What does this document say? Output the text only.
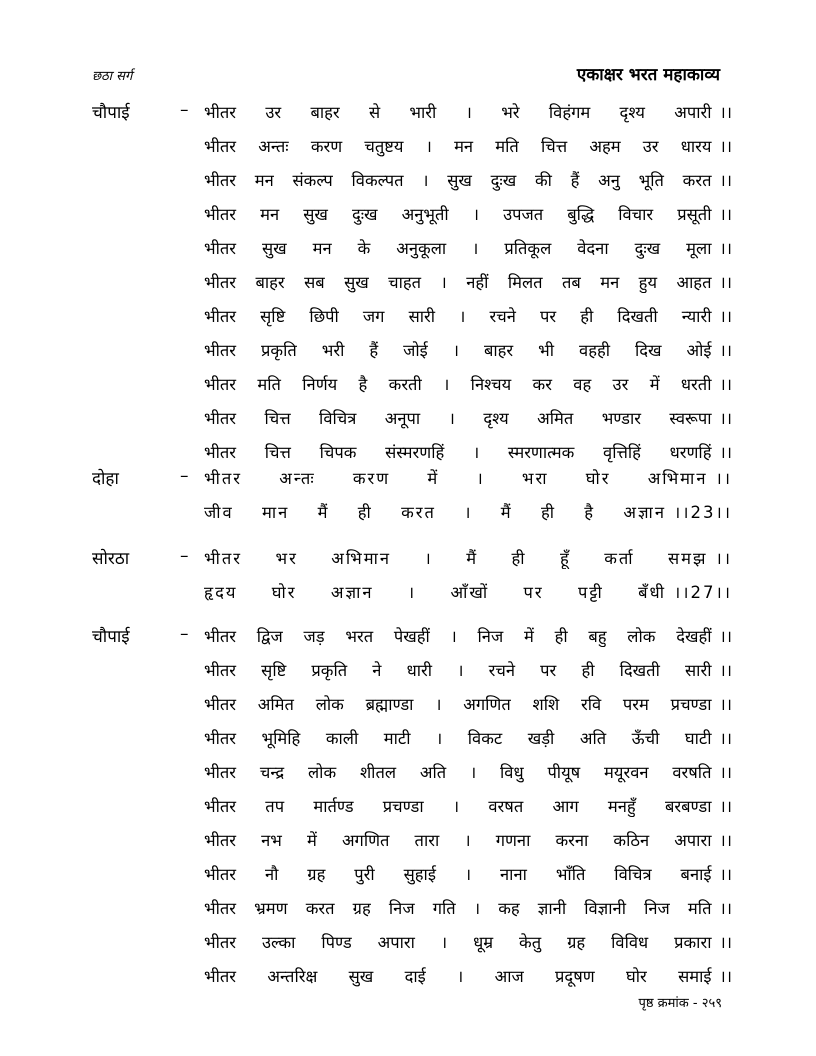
छठा सर्ग	एकाक्षर भरत महाकाव्य
चौपाई	– भीतर उर बाहर से भारी । भरे विहंगम दृश्य अपारी ।।
भीतर अन्तः करण चतुष्टय । मन मति चित्त अहम उर धारय ।।
भीतर मन संकल्प विकल्पत । सुख दुःख की हैं अनु भूति करत ।।
भीतर मन सुख दुःख अनुभूती । उपजत बुद्धि विचार प्रसूती ।।
भीतर सुख मन के अनुकूला । प्रतिकूल वेदना दुःख मूला ।।
भीतर बाहर सब सुख चाहत । नहीं मिलत तब मन हुय आहत ।।
भीतर सृष्टि छिपी जग सारी । रचने पर ही दिखती न्यारी ।।
भीतर प्रकृति भरी हैं जोई । बाहर भी वहही दिख ओई ।।
भीतर मति निर्णय है करती । निश्चय कर वह उर में धरती ।।
भीतर चित्त विचित्र अनूपा । दृश्य अमित भण्डार स्वरूपा ।।
भीतर चित्त चिपक संस्मरणहिं । स्मरणात्मक वृत्तिहिं धरणहिं ।।
दोहा	– भीतर अन्तः करण में । भरा घोर अभिमान ।।
जीव मान मैं ही करत । मैं ही है अज्ञान ।।23।।
सोरठा	– भीतर भर अभिमान । मैं ही हूँ कर्ता समझ ।।
हृदय घोर अज्ञान । आँखों पर पट्टी बँधी ।।27।।
चौपाई	– भीतर द्विज जड़ भरत पेखहीं । निज में ही बहु लोक देखहीं ।।
भीतर सृष्टि प्रकृति ने धारी । रचने पर ही दिखती सारी ।।
भीतर अमित लोक ब्रह्माण्डा । अगणित शशि रवि परम प्रचण्डा ।।
भीतर भूमिहि काली माटी । विकट खड़ी अति ऊँची घाटी ।।
भीतर चन्द्र लोक शीतल अति । विधु पीयूष मयूरवन वरषति ।।
भीतर तप मार्तण्ड प्रचण्डा । वरषत आग मनहुँ बरबण्डा ।।
भीतर नभ में अगणित तारा । गणना करना कठिन अपारा ।।
भीतर नौ ग्रह पुरी सुहाई । नाना भाँति विचित्र बनाई ।।
भीतर भ्रमण करत ग्रह निज गति । कह ज्ञानी विज्ञानी निज मति ।।
भीतर उल्का पिण्ड अपारा । धूम्र केतु ग्रह विविध प्रकारा ।।
भीतर अन्तरिक्ष सुख दाई । आज प्रदूषण घोर समाई ।।
पृष्ठ क्रमांक - २५९
